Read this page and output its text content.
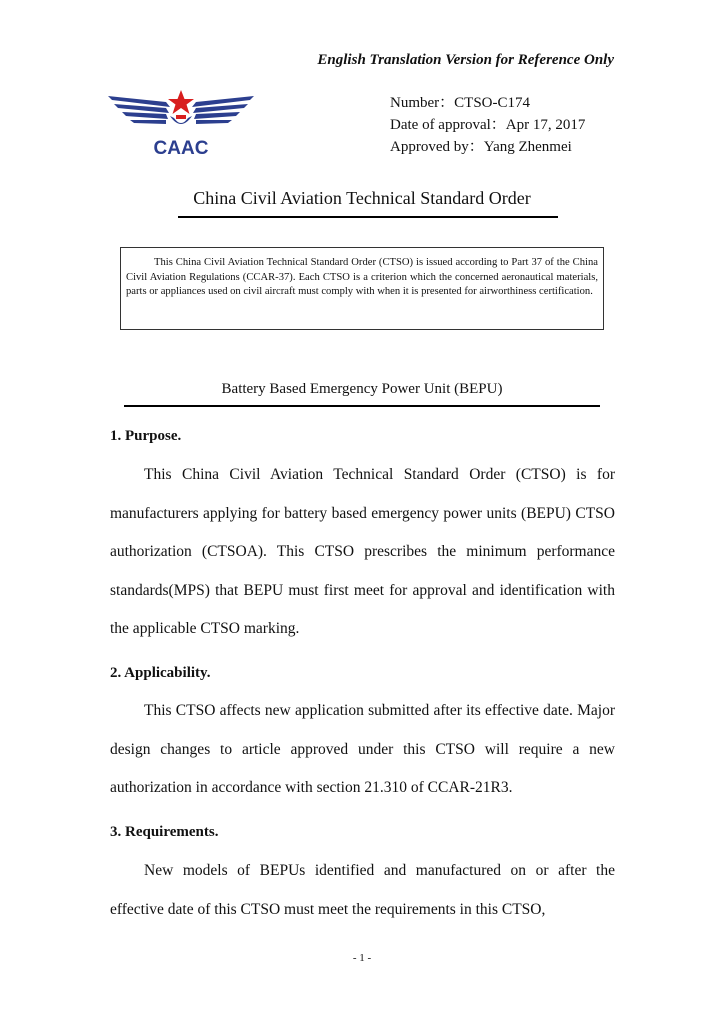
English Translation Version for Reference Only
CAAC
Number：CTSO-C174
Date of approval：Apr 17, 2017
Approved by：Yang Zhenmei
China Civil Aviation Technical Standard Order
This China Civil Aviation Technical Standard Order (CTSO) is issued according to Part 37 of the China Civil Aviation Regulations (CCAR-37). Each CTSO is a criterion which the concerned aeronautical materials, parts or appliances used on civil aircraft must comply with when it is presented for airworthiness certification.
Battery Based Emergency Power Unit (BEPU)
1. Purpose.
This China Civil Aviation Technical Standard Order (CTSO) is for manufacturers applying for battery based emergency power units (BEPU) CTSO authorization (CTSOA). This CTSO prescribes the minimum performance standards(MPS) that BEPU must first meet for approval and identification with the applicable CTSO marking.
2. Applicability.
This CTSO affects new application submitted after its effective date. Major design changes to article approved under this CTSO will require a new authorization in accordance with section 21.310 of CCAR-21R3.
3. Requirements.
New models of BEPUs identified and manufactured on or after the effective date of this CTSO must meet the requirements in this CTSO,
- 1 -
